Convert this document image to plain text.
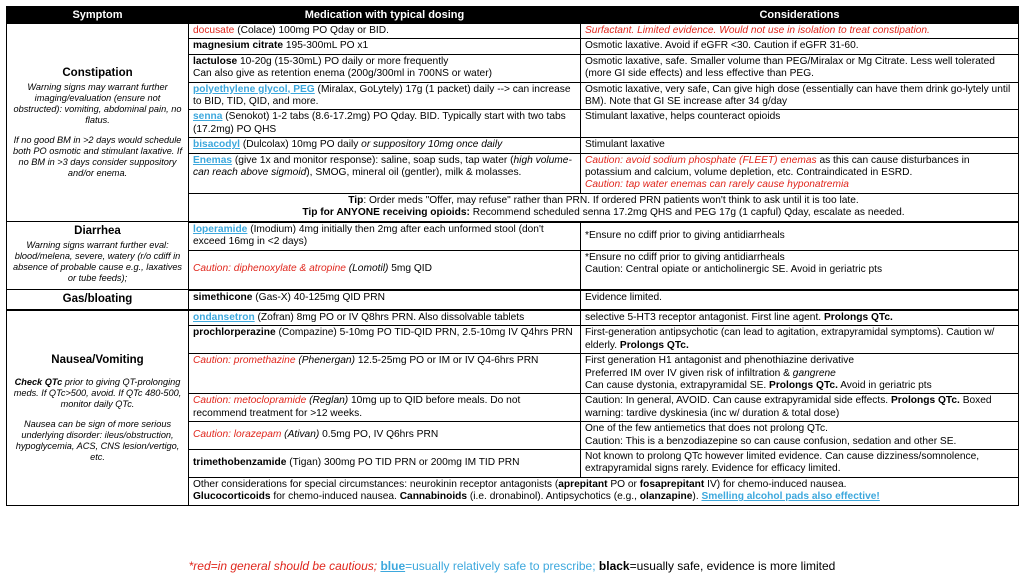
Symptom	Medication with typical dosing	Considerations

Constipation
Warning signs may warrant further imaging/evaluation (ensure not obstructed): vomiting, abdominal pain, no flatus.
If no good BM in >2 days would schedule both PO osmotic and stimulant laxative. If no BM in >3 days consider suppository and/or enema.	docusate (Colace) 100mg PO Qday or BID.	Surfactant. Limited evidence. Would not use in isolation to treat constipation.
	magnesium citrate 195-300mL PO x1	Osmotic laxative. Avoid if eGFR <30. Caution if eGFR 31-60.
	lactulose 10-20g (15-30mL) PO daily or more frequently
Can also give as retention enema (200g/300ml in 700NS or water)	Osmotic laxative, safe. Smaller volume than PEG/Miralax or Mg Citrate. Less well tolerated (more GI side effects) and less effective than PEG.
	polyethylene glycol, PEG (Miralax, GoLytely) 17g (1 packet) daily --> can increase to BID, TID, QID, and more.	Osmotic laxative, very safe, Can give high dose (essentially can have them drink go-lytely until BM). Note that GI SE increase after 34 g/day
	senna (Senokot) 1-2 tabs (8.6-17.2mg) PO Qday. BID. Typically start with two tabs (17.2mg) PO QHS	Stimulant laxative, helps counteract opioids
	bisacodyl (Dulcolax) 10mg PO daily or suppository 10mg once daily	Stimulant laxative
	Enemas (give 1x and monitor response): saline, soap suds, tap water (high volume-can reach above sigmoid), SMOG, mineral oil (gentler), milk & molasses.	Caution: avoid sodium phosphate (FLEET) enemas as this can cause disturbances in potassium and calcium, volume depletion, etc. Contraindicated in ESRD.
Caution: tap water enemas can rarely cause hyponatremia
	Tip: Order meds "Offer, may refuse" rather than PRN. If ordered PRN patients won't think to ask until it is too late.
Tip for ANYONE receiving opioids: Recommend scheduled senna 17.2mg QHS and PEG 17g (1 capful) Qday, escalate as needed.	

Diarrhea
Warning signs warrant further eval: blood/melena, severe, watery (r/o cdiff in absence of probable cause e.g., laxatives or tube feeds);	loperamide (Imodium) 4mg initially then 2mg after each unformed stool (don't exceed 16mg in <2 days)	*Ensure no cdiff prior to giving antidiarrheals
	Caution: diphenoxylate & atropine (Lomotil) 5mg QID	*Ensure no cdiff prior to giving antidiarrheals
Caution: Central opiate or anticholinergic SE. Avoid in geriatric pts

Gas/bloating	simethicone (Gas-X) 40-125mg QID PRN	Evidence limited.

Nausea/Vomiting
Check QTc prior to giving QT-prolonging meds. If QTc>500, avoid. If QTc 480-500, monitor daily QTc.
Nausea can be sign of more serious underlying disorder: ileus/obstruction, hypoglycemia, ACS, CNS lesion/vertigo, etc.	ondansetron (Zofran) 8mg PO or IV Q8hrs PRN. Also dissolvable tablets	selective 5-HT3 receptor antagonist. First line agent. Prolongs QTc.
	prochlorperazine (Compazine) 5-10mg PO TID-QID PRN, 2.5-10mg IV Q4hrs PRN	First-generation antipsychotic (can lead to agitation, extrapyramidal symptoms). Caution w/ elderly. Prolongs QTc.
	Caution: promethazine (Phenergan) 12.5-25mg PO or IM or IV Q4-6hrs PRN	First generation H1 antagonist and phenothiazine derivative
Preferred IM over IV given risk of infiltration & gangrene
Can cause dystonia, extrapyramidal SE. Prolongs QTc. Avoid in geriatric pts
	Caution: metoclopramide (Reglan) 10mg up to QID before meals. Do not recommend treatment for >12 weeks.	Caution: In general, AVOID. Can cause extrapyramidal side effects. Prolongs QTc. Boxed warning: tardive dyskinesia (inc w/ duration & total dose)
	Caution: lorazepam (Ativan) 0.5mg PO, IV Q6hrs PRN	One of the few antiemetics that does not prolong QTc.
Caution: This is a benzodiazepine so can cause confusion, sedation and other SE.
	trimethobenzamide (Tigan) 300mg PO TID PRN or 200mg IM TID PRN	Not known to prolong QTc however limited evidence. Can cause dizziness/somnolence, extrapyramidal signs rarely. Evidence for efficacy limited.
	Other considerations for special circumstances: neurokinin receptor antagonists (aprepitant PO or fosaprepitant IV) for chemo-induced nausea.
Glucocorticoids for chemo-induced nausea. Cannabinoids (i.e. dronabinol). Antipsychotics (e.g., olanzapine). Smelling alcohol pads also effective!	
*red=in general should be cautious; blue=usually relatively safe to prescribe; black=usually safe, evidence is more limited
